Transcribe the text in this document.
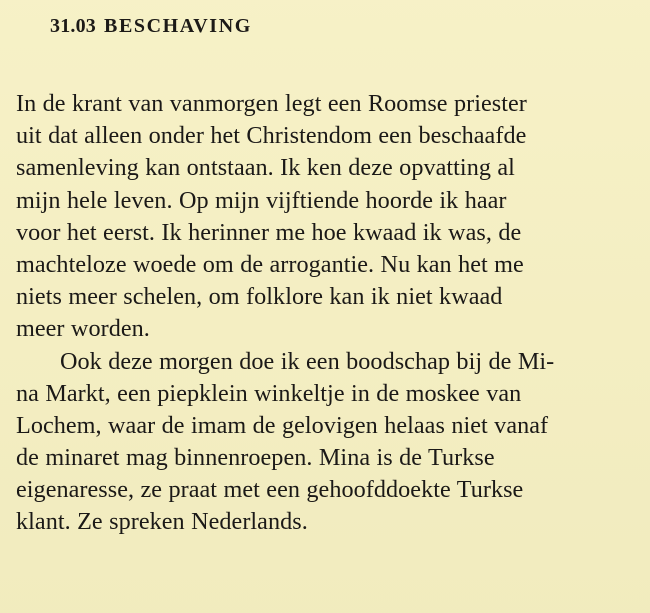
31.03 BESCHAVING
In de krant van vanmorgen legt een Roomse priester
uit dat alleen onder het Christendom een beschaafde
samenleving kan ontstaan. Ik ken deze opvatting al
mijn hele leven. Op mijn vijftiende hoorde ik haar
voor het eerst. Ik herinner me hoe kwaad ik was, de
machteloze woede om de arrogantie. Nu kan het me
niets meer schelen, om folklore kan ik niet kwaad
meer worden.
Ook deze morgen doe ik een boodschap bij de Mi-
na Markt, een piepklein winkeltje in de moskee van
Lochem, waar de imam de gelovigen helaas niet vanaf
de minaret mag binnenroepen. Mina is de Turkse
eigenaresse, ze praat met een gehoofddoekte Turkse
klant. Ze spreken Nederlands.
